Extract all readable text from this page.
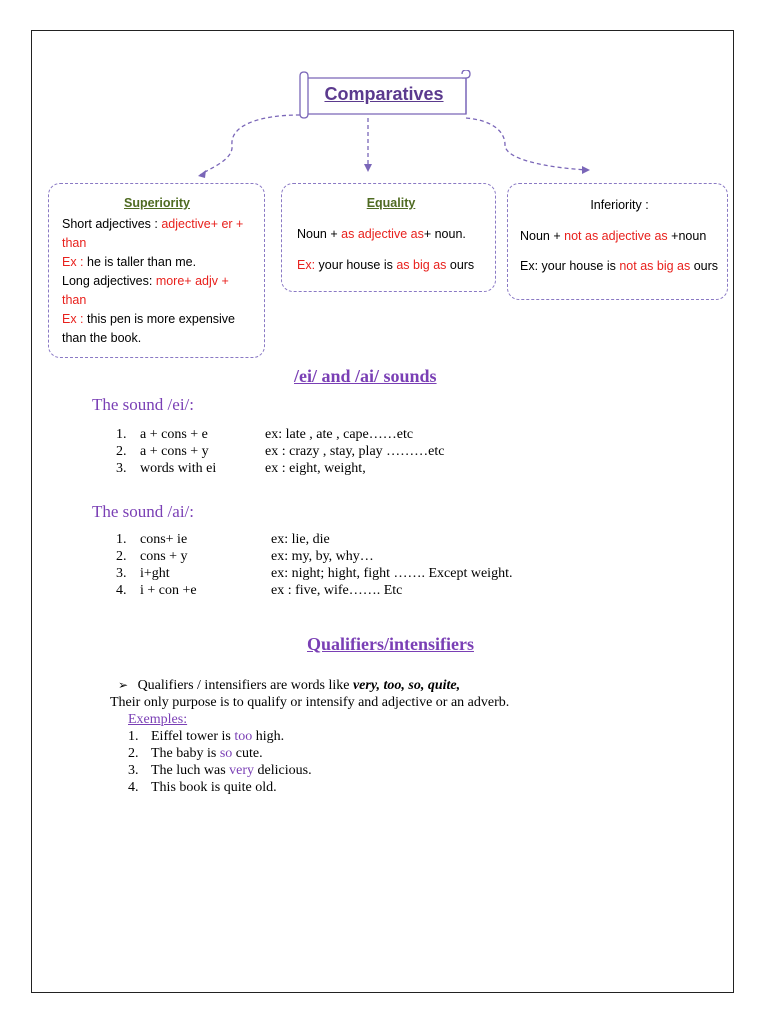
Comparatives
Superiority

Short adjectives : adjective+ er + than

Ex : he is taller than me.

Long adjectives: more+ adjv + than

Ex : this pen is more expensive than the book.

Equality

Noun + as adjective as+ noun.

Ex: your house is as big as ours

Inferiority :

Noun + not as adjective as +noun

Ex: your house is not as big as ours

/ei/ and /ai/ sounds
The sound /ei/:
1. a + cons + e	ex: late , ate , cape……etc
2. a + cons + y	ex : crazy , stay, play ………etc
3. words with ei	ex : eight, weight,
The sound /ai/:
1. cons+ ie	ex: lie, die
2. cons + y	ex: my, by, why…
3. i+ght	ex: night; hight, fight ……. Except weight.
4. i + con +e	ex : five, wife……. Etc
Qualifiers/intensifiers
➢ Qualifiers / intensifiers are words like very, too, so, quite,
Their only purpose is to qualify or intensify and adjective or an adverb.
Exemples:
1. Eiffel tower is too high.
2. The baby is so cute.
3. The luch was very delicious.
4. This book is quite old.
